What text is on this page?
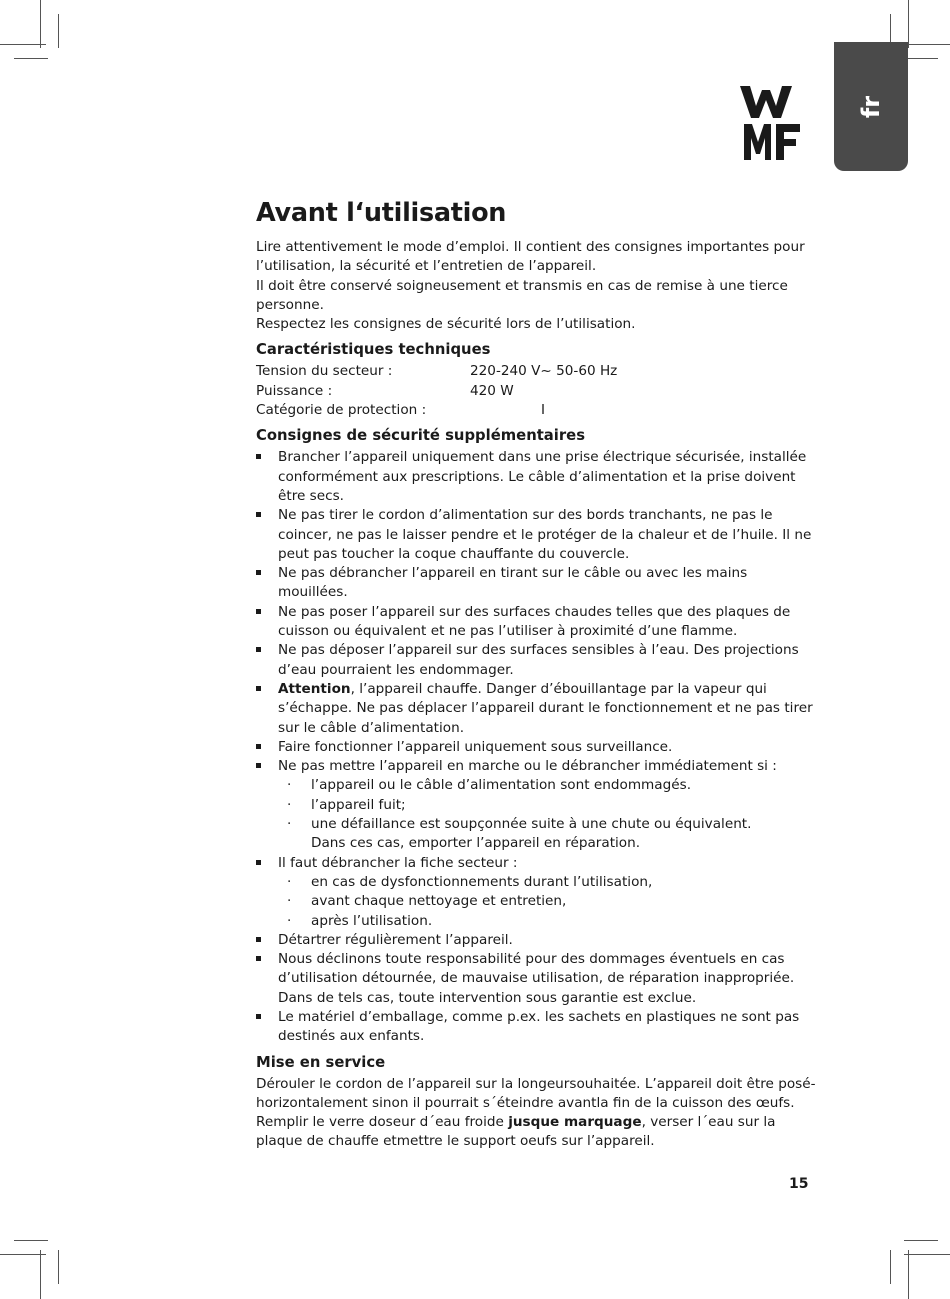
fr
Avant l‘utilisation

Lire attentivement le mode d’emploi. Il contient des consignes importantes pour l’utilisation, la sécurité et l’entretien de l’appareil.

Il doit être conservé soigneusement et transmis en cas de remise à une tierce personne.

Respectez les consignes de sécurité lors de l’utilisation.

Caractéristiques techniques
Tension du secteur :	220-240 V~ 50-60 Hz
Puissance :	420 W
Catégorie de protection :	I
Consignes de sécurité supplémentaires
Brancher l’appareil uniquement dans une prise électrique sécurisée, installée conformément aux prescriptions. Le câble d’alimentation et la prise doivent être secs.
Ne pas tirer le cordon d’alimentation sur des bords tranchants, ne pas le coincer, ne pas le laisser pendre et le protéger de la chaleur et de l’huile. Il ne peut pas toucher la coque chauffante du couvercle.
Ne pas débrancher l’appareil en tirant sur le câble ou avec les mains mouillées.
Ne pas poser l’appareil sur des surfaces chaudes telles que des plaques de cuisson ou équivalent et ne pas l’utiliser à proximité d’une flamme.
Ne pas déposer l’appareil sur des surfaces sensibles à l’eau. Des projections d’eau pourraient les endommager.
Attention, l’appareil chauffe. Danger d’ébouillantage par la vapeur qui s’échappe. Ne pas déplacer l’appareil durant le fonctionnement et ne pas tirer sur le câble d’alimentation.
Faire fonctionner l’appareil uniquement sous surveillance.
Ne pas mettre l’appareil en marche ou le débrancher immédiatement si :
· l’appareil ou le câble d’alimentation sont endommagés.
· l’appareil fuit;
· une défaillance est soupçonnée suite à une chute ou équivalent.
Dans ces cas, emporter l’appareil en réparation.
Il faut débrancher la fiche secteur :
· en cas de dysfonctionnements durant l’utilisation,
· avant chaque nettoyage et entretien,
· après l’utilisation.
Détartrer régulièrement l’appareil.
Nous déclinons toute responsabilité pour des dommages éventuels en cas d’utilisation détournée, de mauvaise utilisation, de réparation inappropriée. Dans de tels cas, toute intervention sous garantie est exclue.
Le matériel d’emballage, comme p.ex. les sachets en plastiques ne sont pas destinés aux enfants.
Mise en service

Dérouler le cordon de l’appareil sur la longeursouhaitée. L’appareil doit être posé-horizontalement sinon il pourrait s´éteindre avantla fin de la cuisson des œufs. Remplir le verre doseur d´eau froide jusque marquage, verser l´eau sur la plaque de chauffe etmettre le support oeufs sur l’appareil.

15
